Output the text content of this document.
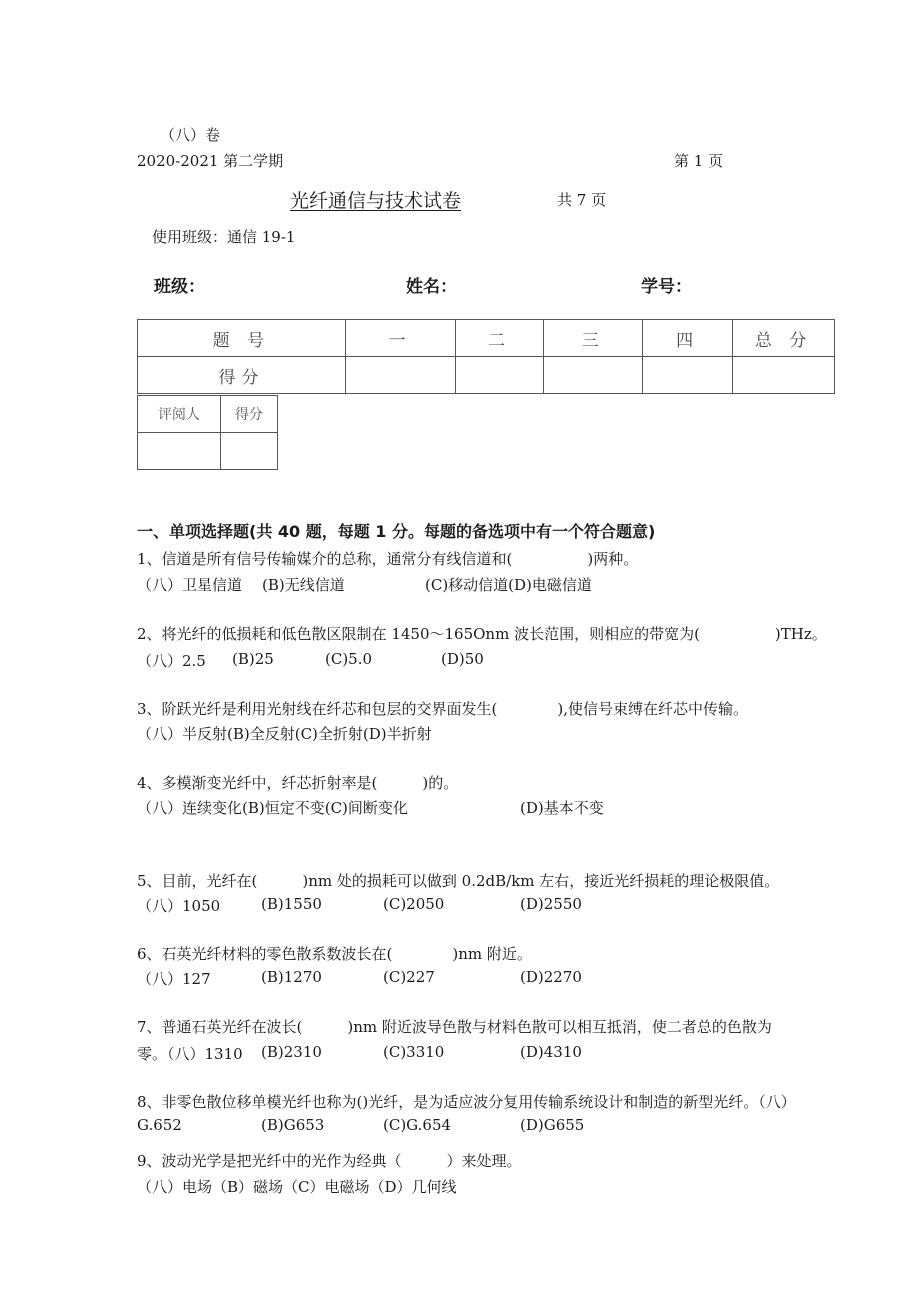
（八）卷
2020-2021 第二学期	第 1 页
光纤通信与技术试卷	共 7 页
使用班级：通信 19-1
班级：	姓名：	学号：
题 号	一	二	三	四	总 分
得分					
评阅人	得分

一、单项选择题(共 40 题，每题 1 分。每题的备选项中有一个符合题意)
1、信道是所有信号传输媒介的总称，通常分有线信道和(　　　　　)两种。
（八）卫星信道 (B)无线信道	(C)移动信道(D)电磁信道
2、将光纤的低损耗和低色散区限制在 1450～165Onm 波长范围，则相应的带宽为(　　　　　)THz。
（八）2.5 (B)25	(C)5.0	(D)50
3、阶跃光纤是利用光射线在纤芯和包层的交界面发生(　　　　),使信号束缚在纤芯中传输。
（八）半反射(B)全反射(C)全折射(D)半折射
4、多模渐变光纤中，纤芯折射率是(　　　)的。
（八）连续变化(B)恒定不变(C)间断变化	(D)基本不变
5、目前，光纤在(　　　)nm 处的损耗可以做到 0.2dB/km 左右，接近光纤损耗的理论极限值。
（八）1050	(B)1550	(C)2050	(D)2550
6、石英光纤材料的零色散系数波长在(　　　　)nm 附近。
（八）127	(B)1270	(C)227	(D)2270
7、普通石英光纤在波长(　　　)nm 附近波导色散与材料色散可以相互抵消，使二者总的色散为
零。（八）1310 (B)2310	(C)3310	(D)4310
8、非零色散位移单模光纤也称为()光纤，是为适应波分复用传输系统设计和制造的新型光纤。（八）
G.652	(B)G653	(C)G.654	(D)G655
9、波动光学是把光纤中的光作为经典（　　　）来处理。
（八）电场（B）磁场（C）电磁场（D）几何线
